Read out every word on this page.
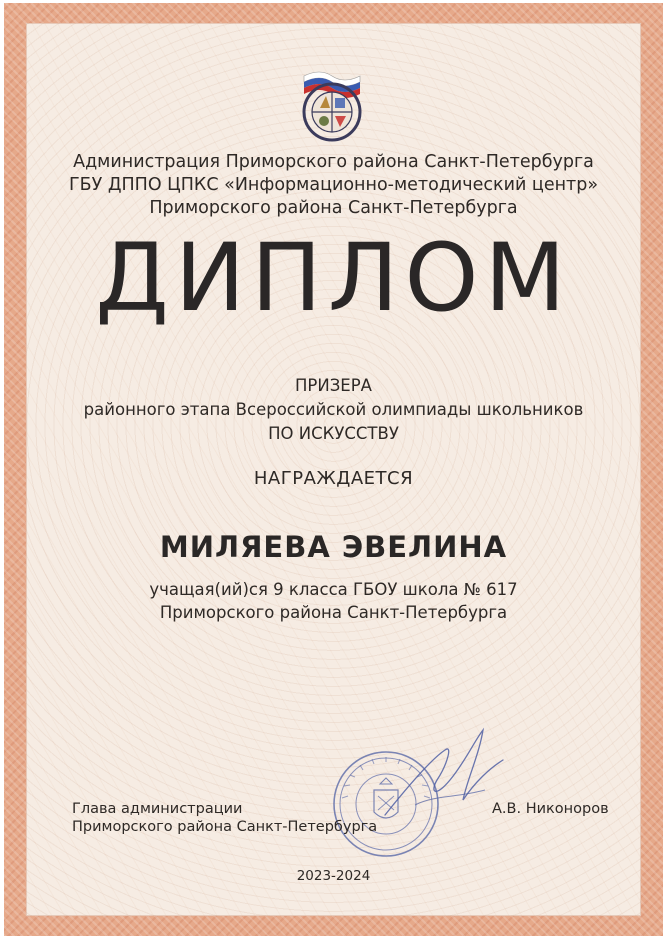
Администрация Приморского района Санкт-Петербурга
ГБУ ДППО ЦПКС «Информационно-методический центр»
Приморского района Санкт-Петербурга
ДИПЛОМ
ПРИЗЕРА
районного этапа Всероссийской олимпиады школьников
ПО ИСКУССТВУ
НАГРАЖДАЕТСЯ
МИЛЯЕВА ЭВЕЛИНА
учащая(ий)ся 9 класса ГБОУ школа № 617
Приморского района Санкт-Петербурга
Глава администрации
Приморского района Санкт-Петербурга
А.В. Никоноров
2023-2024
